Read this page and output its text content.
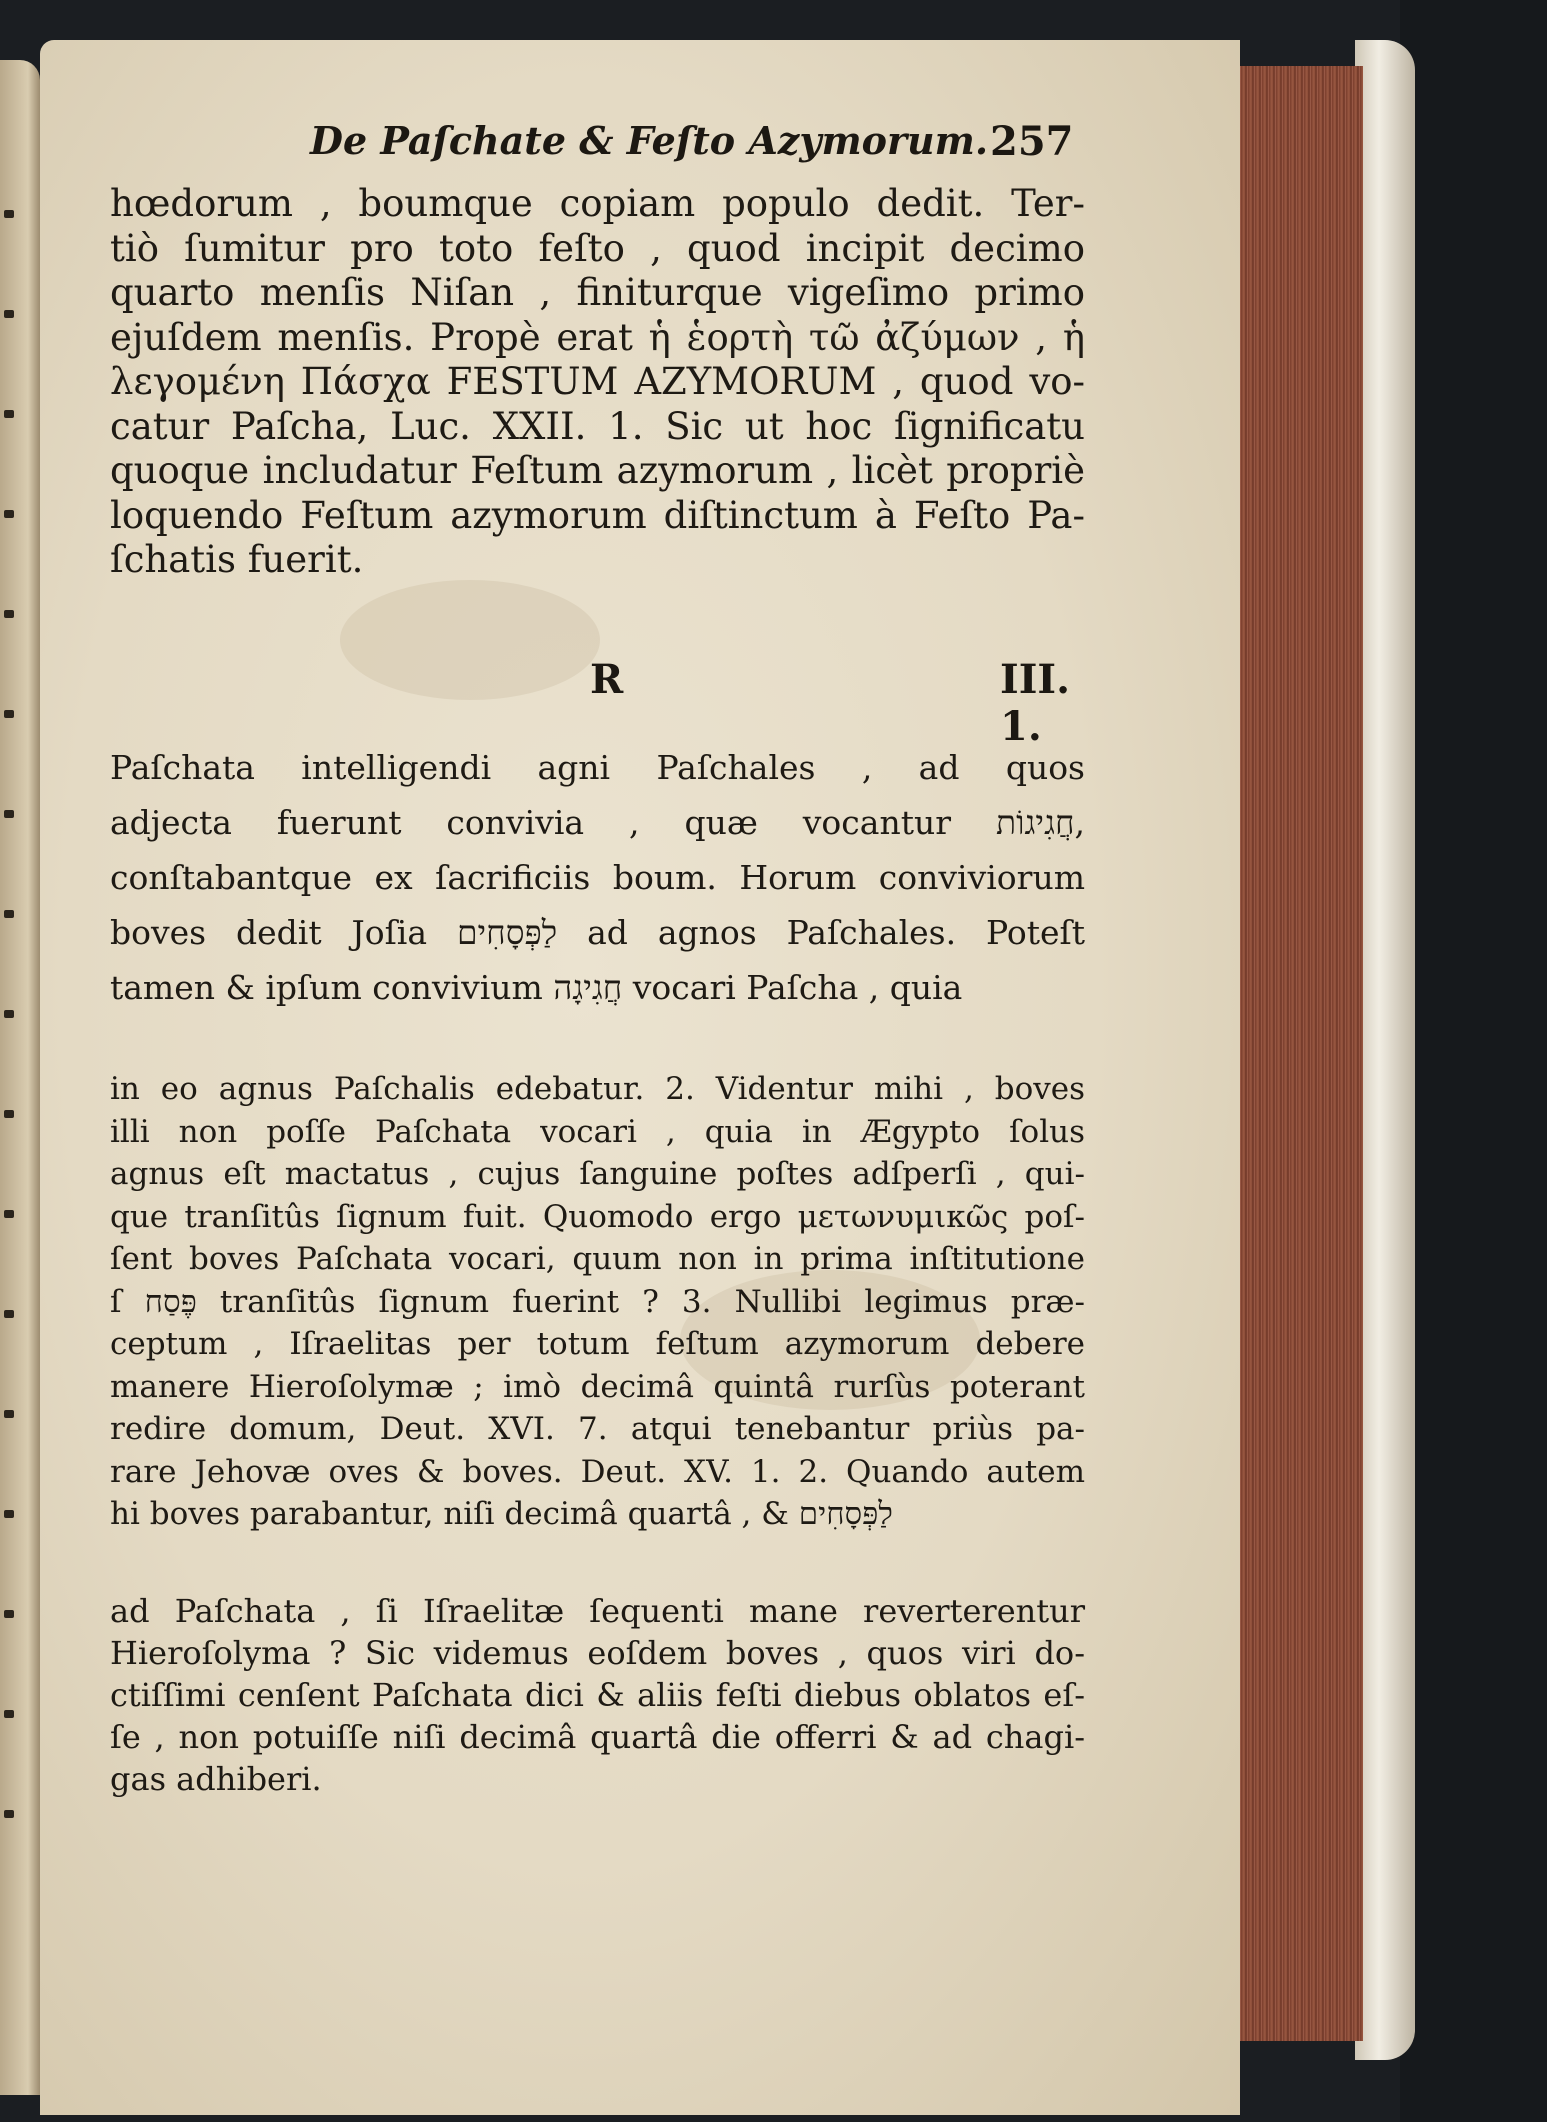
De Paſchate & Feſto Azymorum. 257
hœdorum , boumque copiam populo dedit. Ter-
tiò ſumitur pro toto feſto , quod incipit decimo
quarto menſis Niſan , finiturque vigeſimo primo
ejuſdem menſis. Propè erat ἡ ἑορτὴ τῶ ἀζύμων , ἡ
λεγομένη Πάσχα FESTUM AZYMORUM , quod vo-
catur Paſcha, Luc. XXII. 1. Sic ut hoc ſignificatu
quoque includatur Feſtum azymorum , licèt propriè
loquendo Feſtum azymorum diſtinctum à Feſto Pa-
ſchatis fuerit.
R	III. 1.
Paſchata intelligendi agni Paſchales , ad quos
adjecta fuerunt convivia , quæ vocantur חֲגִיגוֹת,
conſtabantque ex ſacrificiis boum. Horum conviviorum
boves dedit Joſia לַפְּסָחִים ad agnos Paſchales. Poteſt
tamen & ipſum convivium חֲגִיגָה vocari Paſcha , quia
in eo agnus Paſchalis edebatur. 2. Videntur mihi , boves
illi non poſſe Paſchata vocari , quia in Ægypto ſolus
agnus eſt mactatus , cujus ſanguine poſtes adſperſi , qui-
que tranſitûs ſignum fuit. Quomodo ergo μετωνυμικῶς poſ-
ſent boves Paſchata vocari, quum non in prima inſtitutione
ſ פֶּסַח tranſitûs ſignum fuerint ? 3. Nullibi legimus præ-
ceptum , Iſraelitas per totum feſtum azymorum debere
manere Hieroſolymæ ; imò decimâ quintâ rurſùs poterant
redire domum, Deut. XVI. 7. atqui tenebantur priùs pa-
rare Jehovæ oves & boves. Deut. XV. 1. 2. Quando autem
hi boves parabantur, niſi decimâ quartâ , & לַפְּסָחִים
ad Paſchata , ſi Iſraelitæ ſequenti mane reverterentur
Hieroſolyma ? Sic videmus eoſdem boves , quos viri do-
ctiſſimi cenſent Paſchata dici & aliis feſti diebus oblatos eſ-
ſe , non potuiſſe niſi decimâ quartâ die offerri & ad chagi-
gas adhiberi.
